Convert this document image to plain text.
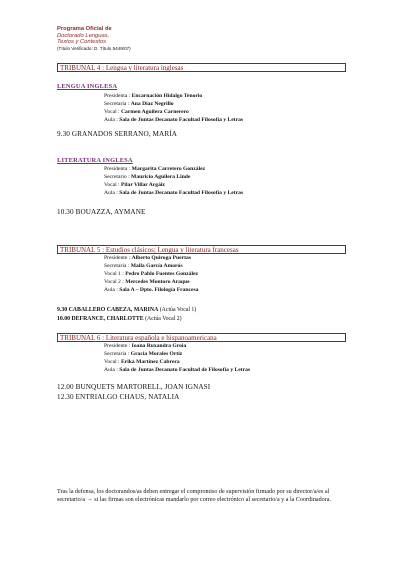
Programa Oficial de
Doctorado Lenguas,
Textos y Contextos
(Título Verificado: D. Título 5449/07)
TRIBUNAL 4 : Lengua y literatura inglesas
LENGUA INGLESA
Presidenta : Encarnación Hidalgo Tenorio
Secretaria : Ana Díaz Negrillo
Vocal : Carmen Aguilera Carnerero
Aula : Sala de Juntas Decanato Facultad Filosofía y Letras
9.30 GRANADOS SERRANO, MARÍA
LITERATURA INGLESA
Presidenta : Margarita Carretero González
Secretario : Mauricio Aguilera Linde
Vocal : Pilar Villar Argáiz
Aula : Sala de Juntas Decanato Facultad Filosofía y Letras
10.30 BOUAZZA, AYMANE
TRIBUNAL 5 : Estudios clásicos; Lengua y literatura francesas
Presidente : Alberto Quiroga Puertas
Secretaria : Maila García Amorós
Vocal 1 : Pedro Pablo Fuentes González
Vocal 2 : Mercedes Montoro Araque
Aula : Sala A – Dpto. Filología Francesa
9.30 CABALLERO CABEZA, MARINA (Actúa Vocal 1)
10.00 DEFRANCE, CHARLOTTE (Actúa Vocal 2)
TRIBUNAL 6 : Literatura española e hispanoamericana
Presidente : Ioana Ruxandra Groia
Secretaria : Gracia Morales Ortiz
Vocal : Erika Martínez Cabrera
Aula : Sala de Juntas Decanato Facultad de Filosofía y Letras
12.00 BUNQUETS MARTORELL, JOAN IGNASI
12.30 ENTRIALGO CHAUS, NATALIA
Tras la defensa, los doctorandos/as deben entregar el compromiso de supervisión firmado por su director/a/es al secretario/a → si las firmas son electrónicas mandarlo por correo electrónico al secretario/a y a la Coordinadora.
